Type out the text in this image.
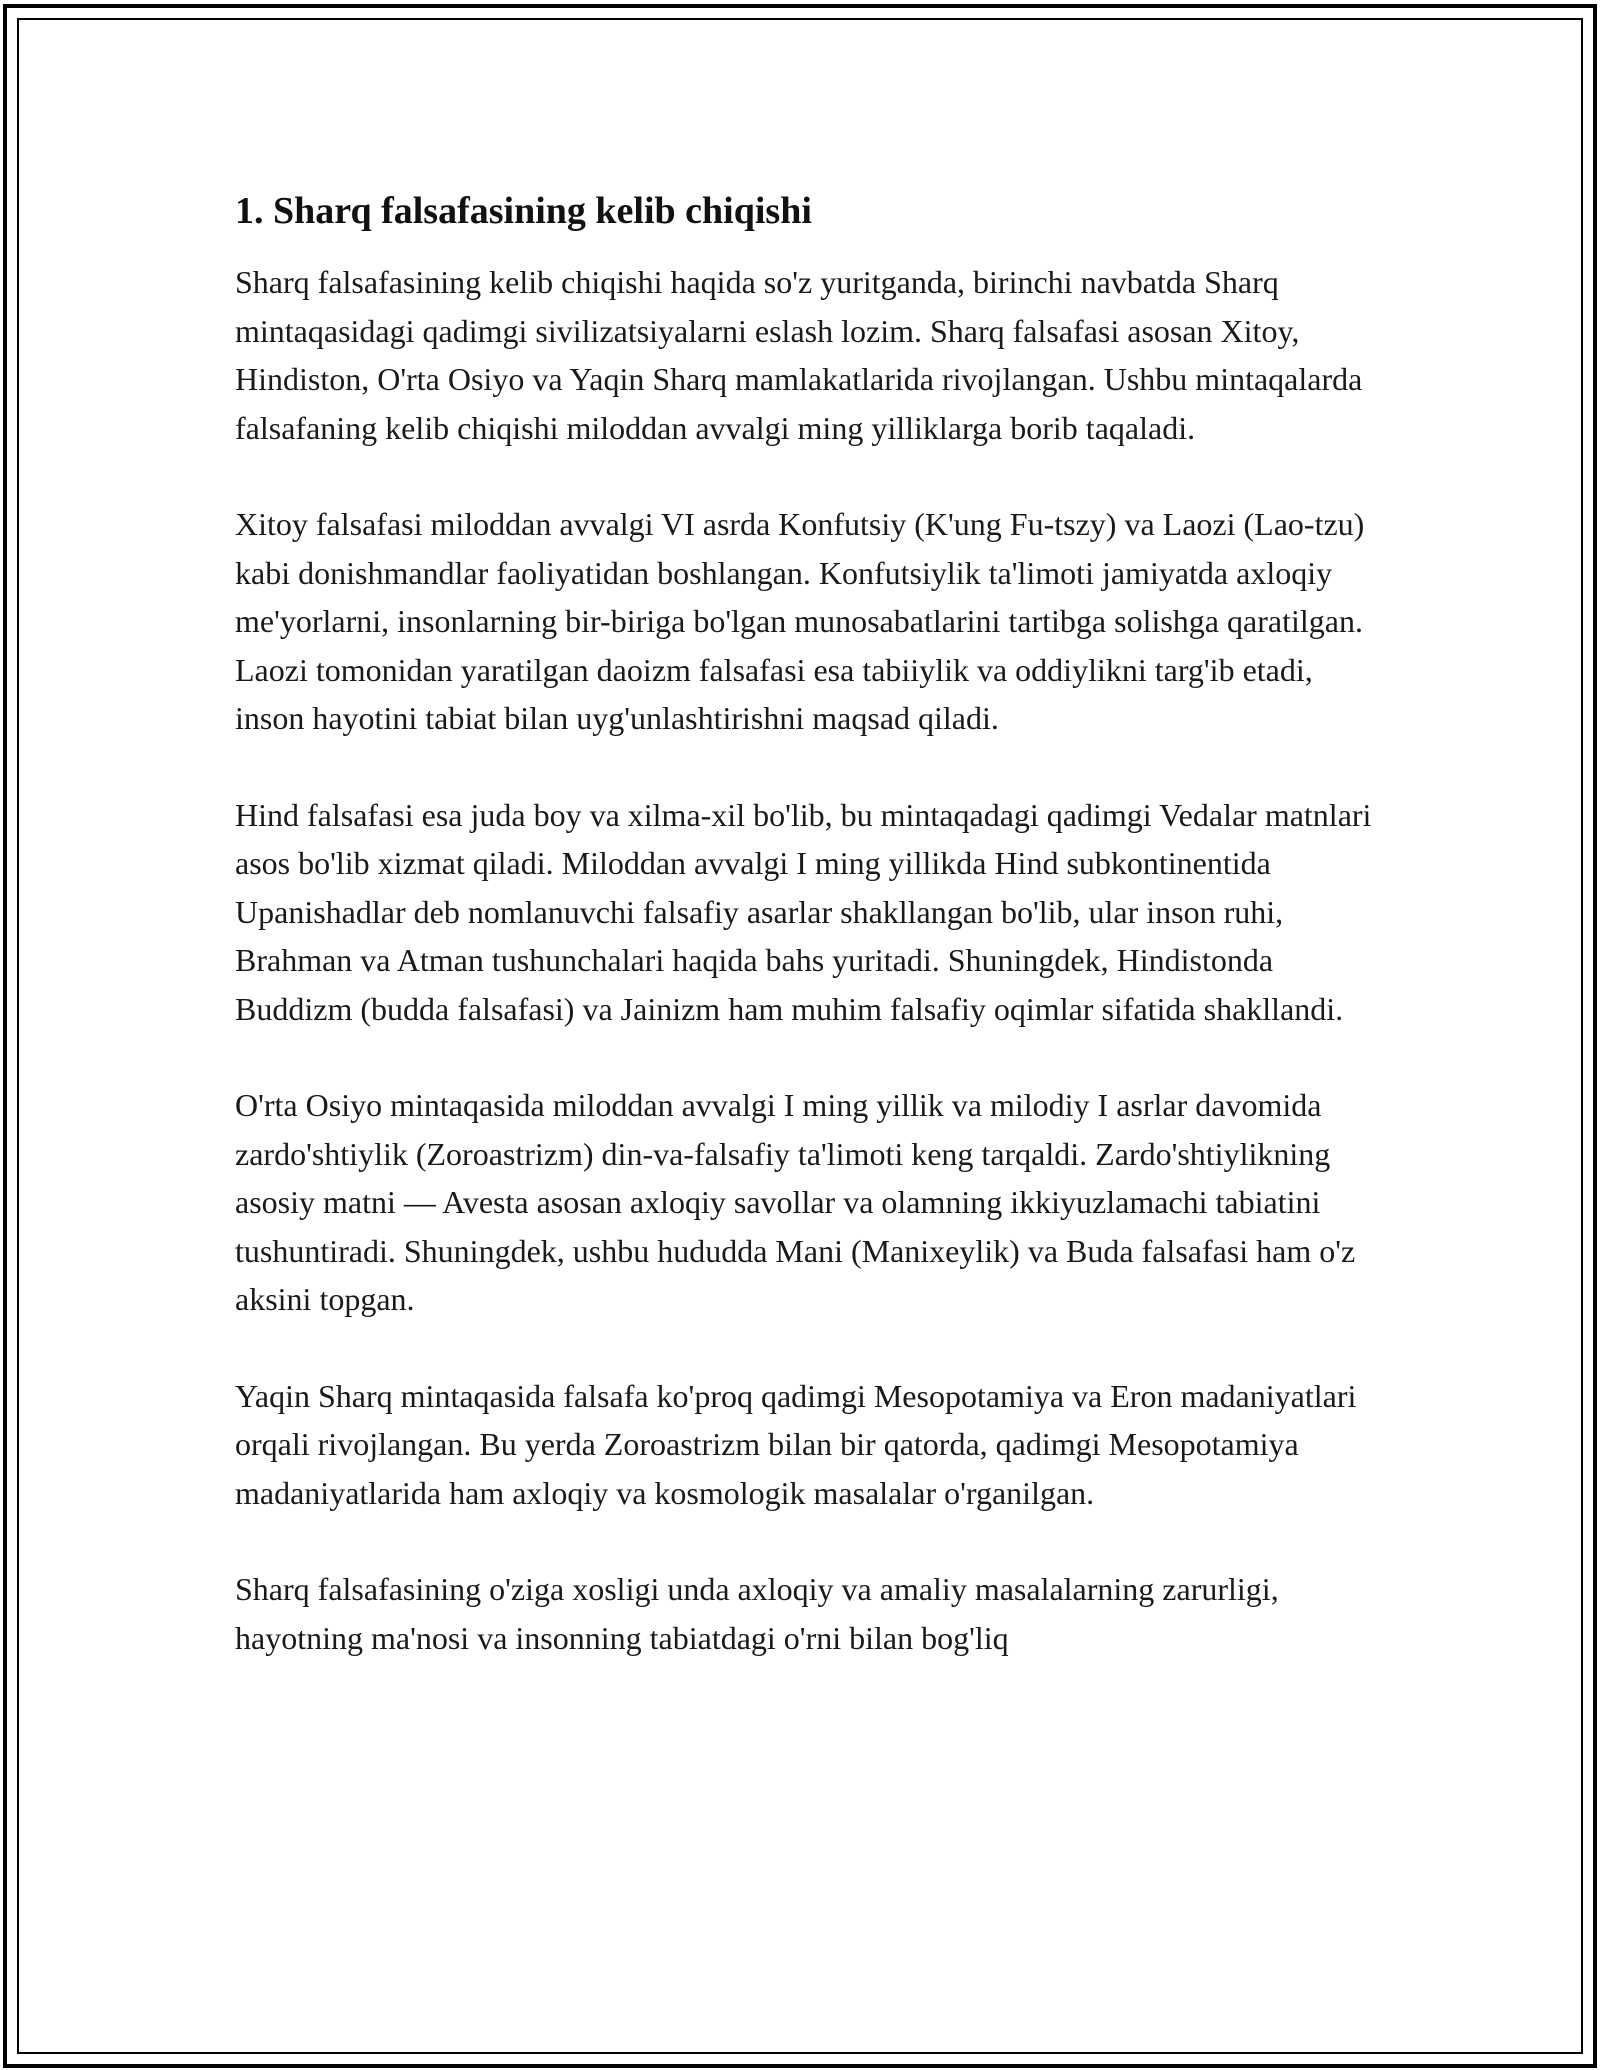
1. Sharq falsafasining kelib chiqishi

Sharq falsafasining kelib chiqishi haqida so'z yuritganda, birinchi navbatda Sharq mintaqasidagi qadimgi sivilizatsiyalarni eslash lozim. Sharq falsafasi asosan Xitoy, Hindiston, O'rta Osiyo va Yaqin Sharq mamlakatlarida rivojlangan. Ushbu mintaqalarda falsafaning kelib chiqishi miloddan avvalgi ming yilliklarga borib taqaladi.

Xitoy falsafasi miloddan avvalgi VI asrda Konfutsiy (K'ung Fu-tszy) va Laozi (Lao-tzu) kabi donishmandlar faoliyatidan boshlangan. Konfutsiylik ta'limoti jamiyatda axloqiy me'yorlarni, insonlarning bir-biriga bo'lgan munosabatlarini tartibga solishga qaratilgan. Laozi tomonidan yaratilgan daoizm falsafasi esa tabiiylik va oddiylikni targ'ib etadi, inson hayotini tabiat bilan uyg'unlashtirishni maqsad qiladi.

Hind falsafasi esa juda boy va xilma-xil bo'lib, bu mintaqadagi qadimgi Vedalar matnlari asos bo'lib xizmat qiladi. Miloddan avvalgi I ming yillikda Hind subkontinentida Upanishadlar deb nomlanuvchi falsafiy asarlar shakllangan bo'lib, ular inson ruhi, Brahman va Atman tushunchalari haqida bahs yuritadi. Shuningdek, Hindistonda Buddizm (budda falsafasi) va Jainizm ham muhim falsafiy oqimlar sifatida shakllandi.

O'rta Osiyo mintaqasida miloddan avvalgi I ming yillik va milodiy I asrlar davomida zardo'shtiylik (Zoroastrizm) din-va-falsafiy ta'limoti keng tarqaldi. Zardo'shtiylikning asosiy matni — Avesta asosan axloqiy savollar va olamning ikkiyuzlamachi tabiatini tushuntiradi. Shuningdek, ushbu hududda Mani (Manixeylik) va Buda falsafasi ham o'z aksini topgan.

Yaqin Sharq mintaqasida falsafa ko'proq qadimgi Mesopotamiya va Eron madaniyatlari orqali rivojlangan. Bu yerda Zoroastrizm bilan bir qatorda, qadimgi Mesopotamiya madaniyatlarida ham axloqiy va kosmologik masalalar o'rganilgan.

Sharq falsafasining o'ziga xosligi unda axloqiy va amaliy masalalarning zarurligi, hayotning ma'nosi va insonning tabiatdagi o'rni bilan bog'liq
